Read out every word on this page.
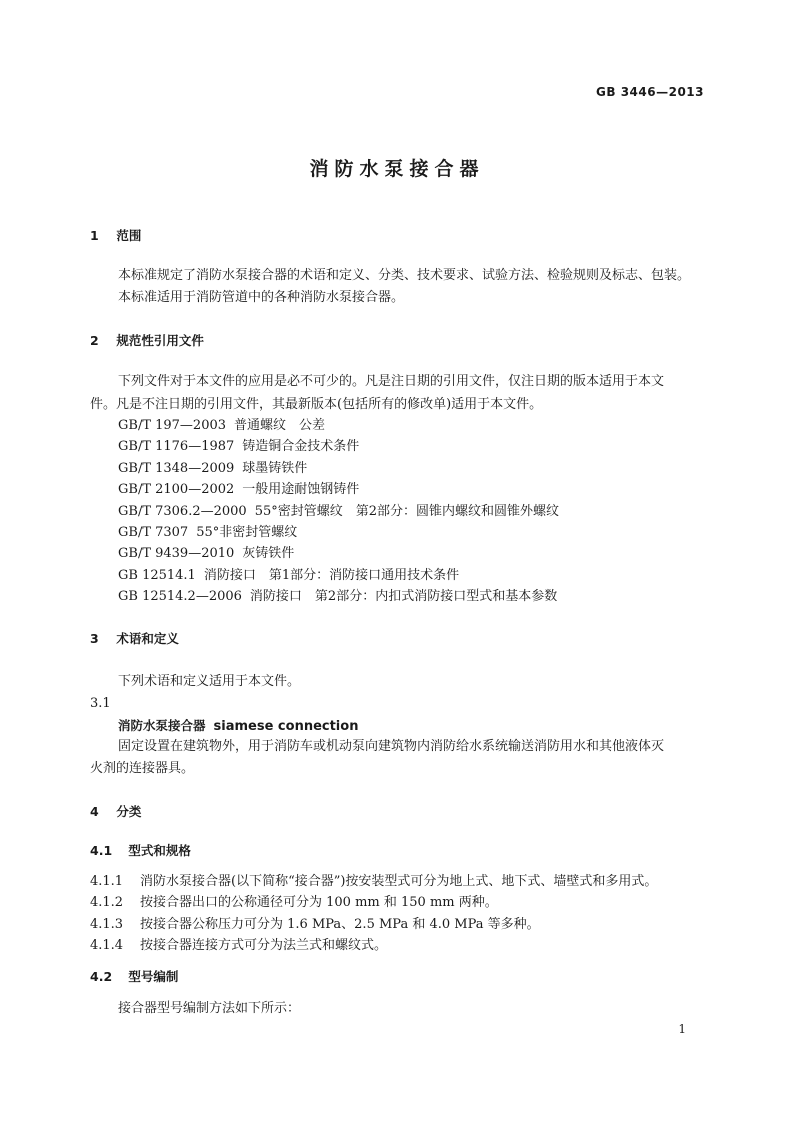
GB 3446—2013
消防水泵接合器
1 范围
本标准规定了消防水泵接合器的术语和定义、分类、技术要求、试验方法、检验规则及标志、包装。
本标准适用于消防管道中的各种消防水泵接合器。
2 规范性引用文件
下列文件对于本文件的应用是必不可少的。凡是注日期的引用文件，仅注日期的版本适用于本文
件。凡是不注日期的引用文件，其最新版本(包括所有的修改单)适用于本文件。
GB/T 197—2003 普通螺纹　公差
GB/T 1176—1987 铸造铜合金技术条件
GB/T 1348—2009 球墨铸铁件
GB/T 2100—2002 一般用途耐蚀钢铸件
GB/T 7306.2—2000 55°密封管螺纹　第2部分：圆锥内螺纹和圆锥外螺纹
GB/T 7307 55°非密封管螺纹
GB/T 9439—2010 灰铸铁件
GB 12514.1 消防接口　第1部分：消防接口通用技术条件
GB 12514.2—2006 消防接口　第2部分：内扣式消防接口型式和基本参数
3 术语和定义
下列术语和定义适用于本文件。
3.1
消防水泵接合器 siamese connection
固定设置在建筑物外，用于消防车或机动泵向建筑物内消防给水系统输送消防用水和其他液体灭
火剂的连接器具。
4 分类
4.1 型式和规格
4.1.1 消防水泵接合器(以下简称“接合器”)按安装型式可分为地上式、地下式、墙壁式和多用式。
4.1.2 按接合器出口的公称通径可分为 100 mm 和 150 mm 两种。
4.1.3 按接合器公称压力可分为 1.6 MPa、2.5 MPa 和 4.0 MPa 等多种。
4.1.4 按接合器连接方式可分为法兰式和螺纹式。
4.2 型号编制
接合器型号编制方法如下所示：
1
